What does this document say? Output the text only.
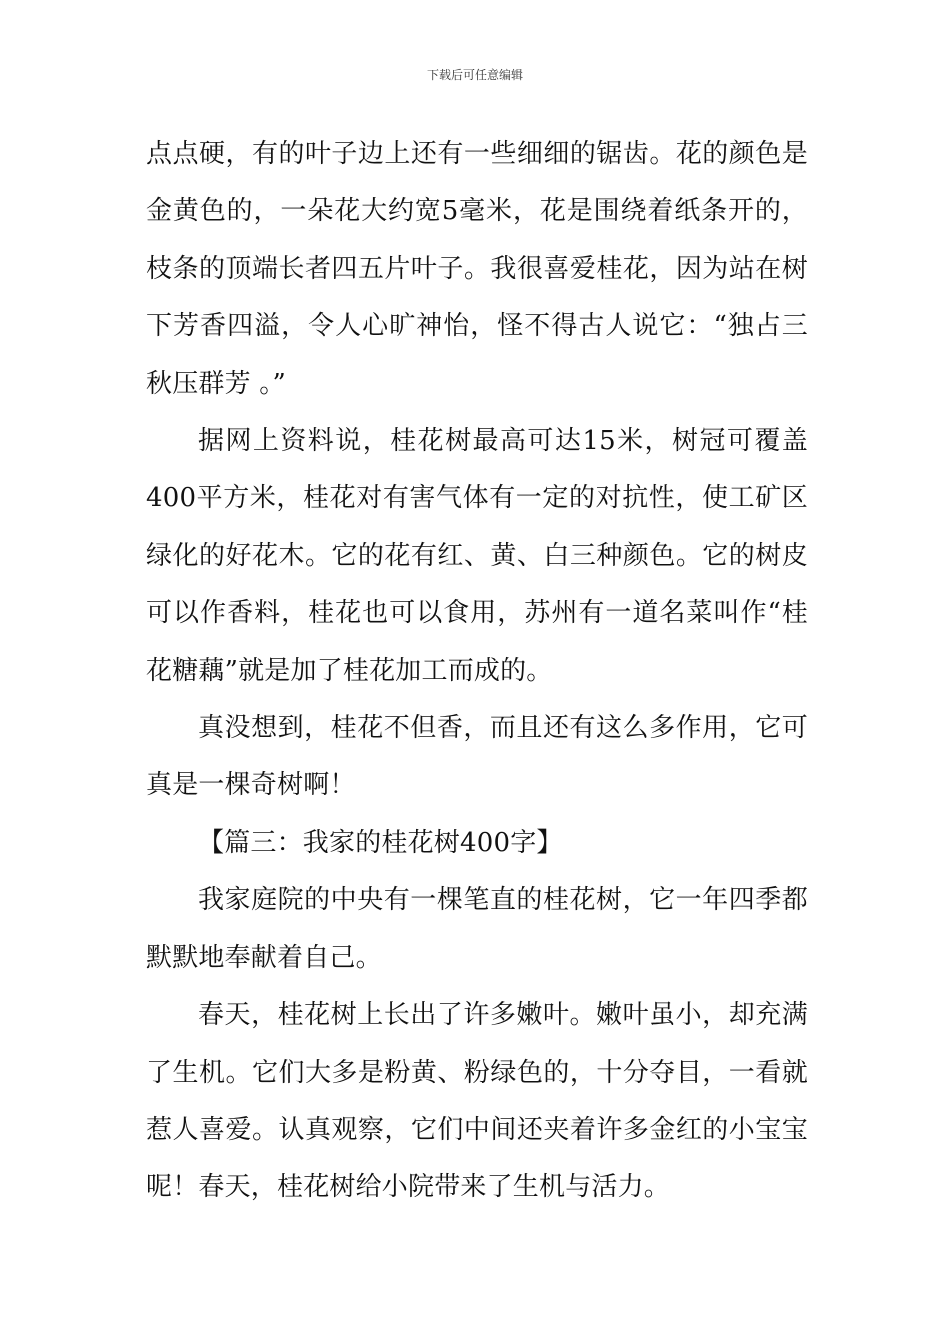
下载后可任意编辑

点点硬，有的叶子边上还有一些细细的锯齿。花的颜色是金黄色的，一朵花大约宽5毫米，花是围绕着纸条开的，枝条的顶端长者四五片叶子。我很喜爱桂花，因为站在树下芳香四溢，令人心旷神怡，怪不得古人说它：“独占三秋压群芳 。”

据网上资料说，桂花树最高可达15米，树冠可覆盖400平方米，桂花对有害气体有一定的对抗性，使工矿区绿化的好花木。它的花有红、黄、白三种颜色。它的树皮可以作香料，桂花也可以食用，苏州有一道名菜叫作“桂花糖藕”就是加了桂花加工而成的。

真没想到，桂花不但香，而且还有这么多作用，它可真是一棵奇树啊！

【篇三：我家的桂花树400字】

我家庭院的中央有一棵笔直的桂花树，它一年四季都默默地奉献着自己。

春天，桂花树上长出了许多嫩叶。嫩叶虽小，却充满了生机。它们大多是粉黄、粉绿色的，十分夺目，一看就惹人喜爱。认真观察，它们中间还夹着许多金红的小宝宝呢！春天，桂花树给小院带来了生机与活力。
